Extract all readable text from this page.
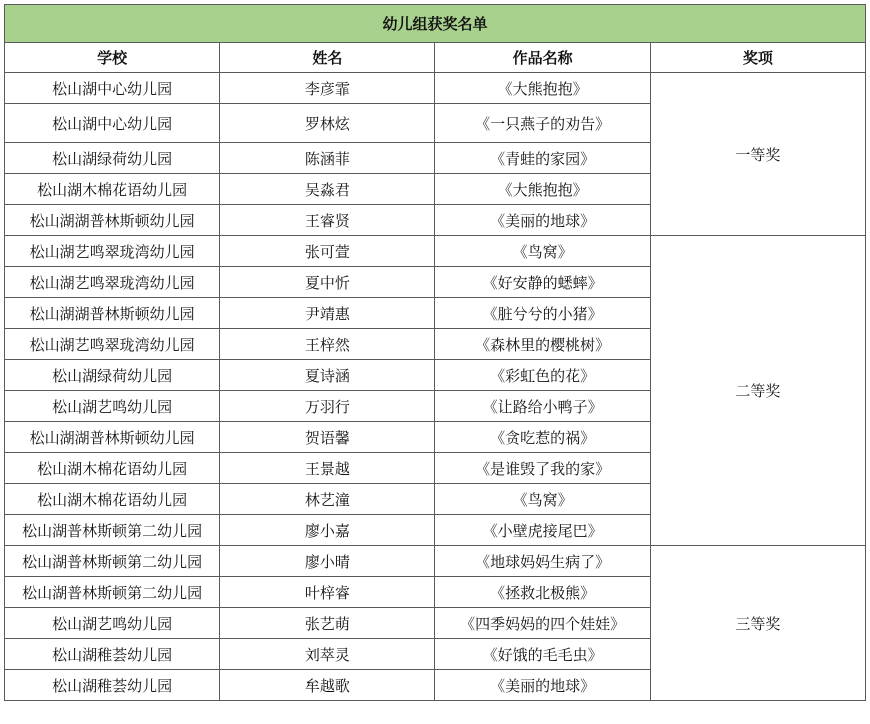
幼儿组获奖名单			
学校	姓名	作品名称	奖项
松山湖中心幼儿园	李彦霏	《大熊抱抱》	一等奖
松山湖中心幼儿园	罗林炫	《一只燕子的劝告》	
松山湖绿荷幼儿园	陈涵菲	《青蛙的家园》	
松山湖木棉花语幼儿园	吴淼君	《大熊抱抱》	
松山湖湖普林斯顿幼儿园	王睿贤	《美丽的地球》	
松山湖艺鸣翠珑湾幼儿园	张可萱	《鸟窝》	二等奖
松山湖艺鸣翠珑湾幼儿园	夏中忻	《好安静的蟋蟀》	
松山湖湖普林斯顿幼儿园	尹靖惠	《脏兮兮的小猪》	
松山湖艺鸣翠珑湾幼儿园	王梓然	《森林里的樱桃树》	
松山湖绿荷幼儿园	夏诗涵	《彩虹色的花》	
松山湖艺鸣幼儿园	万羽行	《让路给小鸭子》	
松山湖湖普林斯顿幼儿园	贺语馨	《贪吃惹的祸》	
松山湖木棉花语幼儿园	王景越	《是谁毁了我的家》	
松山湖木棉花语幼儿园	林艺潼	《鸟窝》	
松山湖普林斯顿第二幼儿园	廖小嘉	《小壁虎接尾巴》	
松山湖普林斯顿第二幼儿园	廖小晴	《地球妈妈生病了》	三等奖
松山湖普林斯顿第二幼儿园	叶梓睿	《拯救北极熊》	
松山湖艺鸣幼儿园	张艺萌	《四季妈妈的四个娃娃》	
松山湖稚荟幼儿园	刘萃灵	《好饿的毛毛虫》	
松山湖稚荟幼儿园	牟越歌	《美丽的地球》	
